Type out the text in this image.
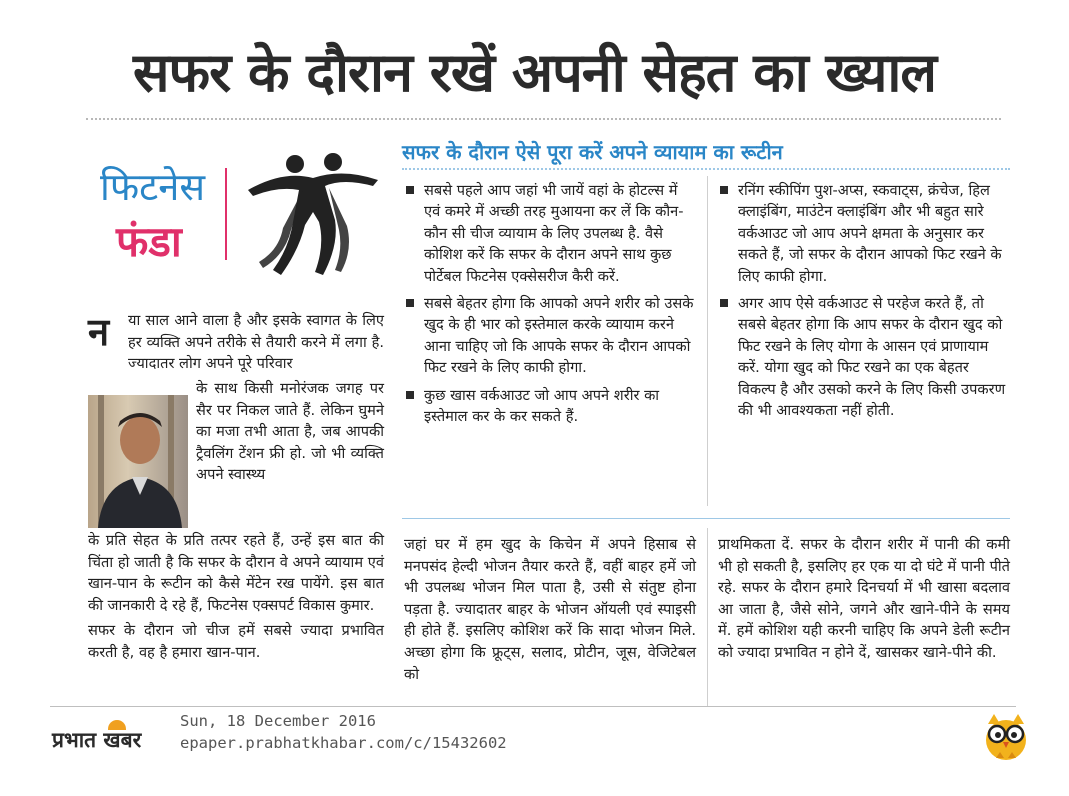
सफर के दौरान रखें अपनी सेहत का ख्याल
फिटनेस
फंडा
सफर के दौरान ऐसे पूरा करें अपने व्यायाम का रूटीन
सबसे पहले आप जहां भी जायें वहां के होटल्स में एवं कमरे में अच्छी तरह मुआयना कर लें कि कौन-कौन सी चीज व्यायाम के लिए उपलब्ध है. वैसे कोशिश करें कि सफर के दौरान अपने साथ कुछ पोर्टेबल फिटनेस एक्सेसरीज कैरी करें.
सबसे बेहतर होगा कि आपको अपने शरीर को उसके खुद के ही भार को इस्तेमाल करके व्यायाम करने आना चाहिए जो कि आपके सफर के दौरान आपको फिट रखने के लिए काफी होगा.
कुछ खास वर्कआउट जो आप अपने शरीर का इस्तेमाल कर के कर सकते हैं.
रनिंग स्कीपिंग पुश-अप्स, स्कवाट्स, क्रंचेज, हिल क्लाइंबिंग, माउंटेन क्लाइंबिंग और भी बहुत सारे वर्कआउट जो आप अपने क्षमता के अनुसार कर सकते हैं, जो सफर के दौरान आपको फिट रखने के लिए काफी होगा.
अगर आप ऐसे वर्कआउट से परहेज करते हैं, तो सबसे बेहतर होगा कि आप सफर के दौरान खुद को फिट रखने के लिए योगा के आसन एवं प्राणायाम करें. योगा खुद को फिट रखने का एक बेहतर विकल्प है और उसको करने के लिए किसी उपकरण की भी आवश्यकता नहीं होती.
जहां घर में हम खुद के किचेन में अपने हिसाब से मनपसंद हेल्दी भोजन तैयार करते हैं, वहीं बाहर हमें जो भी उपलब्ध भोजन मिल पाता है, उसी से संतुष्ट होना पड़ता है. ज्यादातर बाहर के भोजन ऑयली एवं स्पाइसी ही होते हैं. इसलिए कोशिश करें कि सादा भोजन मिले. अच्छा होगा कि फ्रूट्स, सलाद, प्रोटीन, जूस, वेजिटेबल को
प्राथमिकता दें. सफर के दौरान शरीर में पानी की कमी भी हो सकती है, इसलिए हर एक या दो घंटे में पानी पीते रहे. सफर के दौरान हमारे दिनचर्या में भी खासा बदलाव आ जाता है, जैसे सोने, जगने और खाने-पीने के समय में. हमें कोशिश यही करनी चाहिए कि अपने डेली रूटीन को ज्यादा प्रभावित न होने दें, खासकर खाने-पीने की.
न या साल आने वाला है और इसके स्वागत के लिए हर व्यक्ति अपने तरीके से तैयारी करने में लगा है. ज्यादातर लोग अपने पूरे परिवार
के साथ किसी मनोरंजक जगह पर सैर पर निकल जाते हैं. लेकिन घुमने का मजा तभी आता है, जब आपकी ट्रैवलिंग टेंशन फ्री हो. जो भी व्यक्ति अपने स्वास्थ्य

के प्रति सेहत के प्रति तत्पर रहते हैं, उन्हें इस बात की चिंता हो जाती है कि सफर के दौरान वे अपने व्यायाम एवं खान-पान के रूटीन को कैसे मेंटेन रख पायेंगे. इस बात की जानकारी दे रहे हैं, फिटनेस एक्सपर्ट विकास कुमार.

सफर के दौरान जो चीज हमें सबसे ज्यादा प्रभावित करती है, वह है हमारा खान-पान.

प्रभात खबर
Sun, 18 December 2016
epaper.prabhatkhabar.com/c/15432602
